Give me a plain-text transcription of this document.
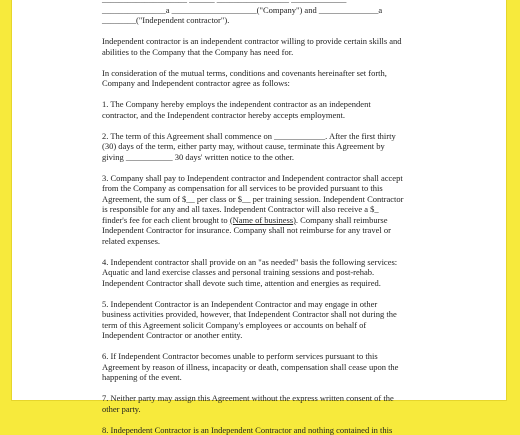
_______________a ____________________("Company") and ______________a
________("Independent contractor").
Independent contractor is an independent contractor willing to provide certain skills and
abilities to the Company that the Company has need for.
In consideration of the mutual terms, conditions and covenants hereinafter set forth,
Company and Independent contractor agree as follows:
1. The Company hereby employs the independent contractor as an independent
contractor, and the Independent contractor hereby accepts employment.
2. The term of this Agreement shall commence on ____________. After the first thirty
(30) days of the term, either party may, without cause, terminate this Agreement by
giving ___________ 30 days' written notice to the other.
3. Company shall pay to Independent contractor and Independent contractor shall accept
from the Company as compensation for all services to be provided pursuant to this
Agreement, the sum of $__ per class or $__ per training session. Independent Contractor
is responsible for any and all taxes. Independent Contractor will also receive a $_
finder's fee for each client brought to (Name of business). Company shall reimburse
Independent Contractor for insurance. Company shall not reimburse for any travel or
related expenses.
4. Independent contractor shall provide on an "as needed" basis the following services:
Aquatic and land exercise classes and personal training sessions and post-rehab.
Independent Contractor shall devote such time, attention and energies as required.
5. Independent Contractor is an Independent Contractor and may engage in other
business activities provided, however, that Independent Contractor shall not during the
term of this Agreement solicit Company's employees or accounts on behalf of
Independent Contractor or another entity.
6. If Independent Contractor becomes unable to perform services pursuant to this
Agreement by reason of illness, incapacity or death, compensation shall cease upon the
happening of the event.
7. Neither party may assign this Agreement without the express written consent of the
other party.
8. Independent Contractor is an Independent Contractor and nothing contained in this
